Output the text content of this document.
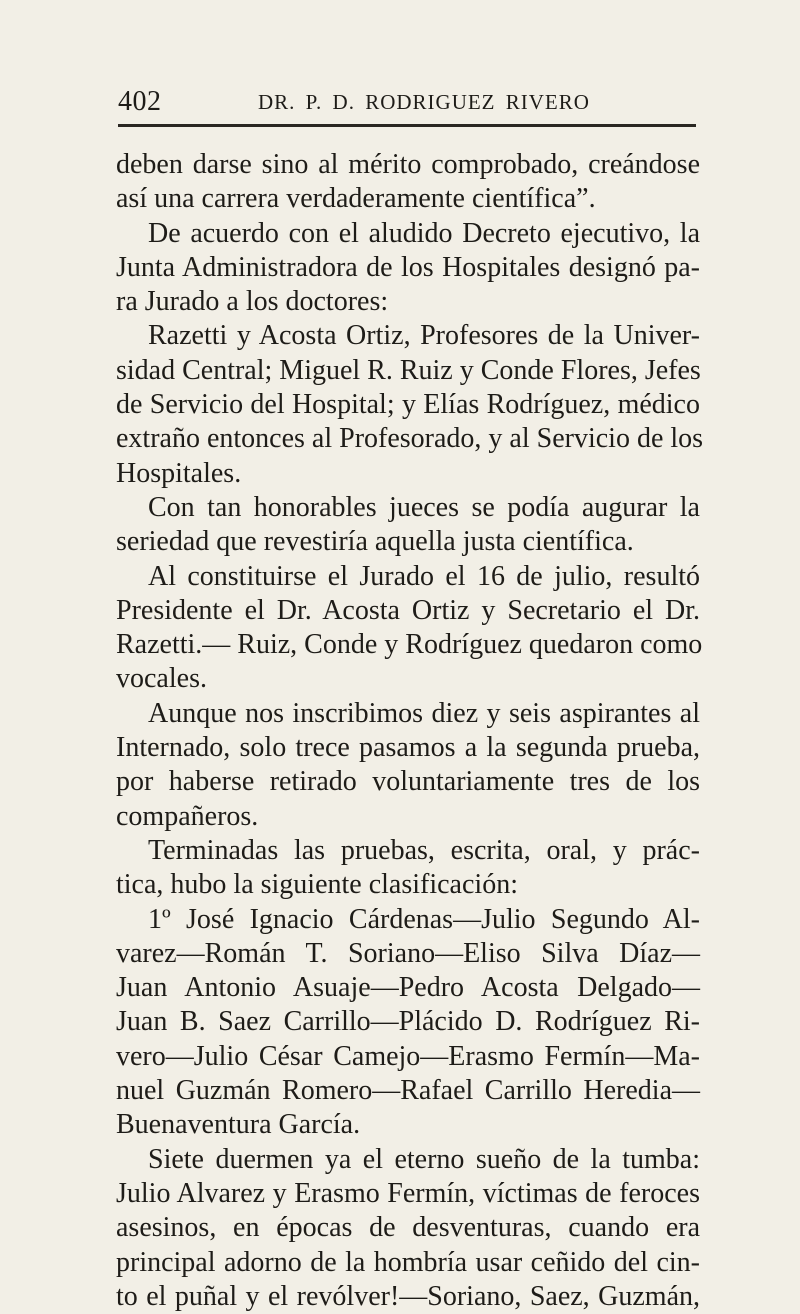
402	DR. P. D. RODRIGUEZ RIVERO
deben darse sino al mérito comprobado, creándose
así una carrera verdaderamente científica”.
De acuerdo con el aludido Decreto ejecutivo, la
Junta Administradora de los Hospitales designó pa-
ra Jurado a los doctores:
Razetti y Acosta Ortiz, Profesores de la Univer-
sidad Central; Miguel R. Ruiz y Conde Flores, Jefes
de Servicio del Hospital; y Elías Rodríguez, médico
extraño entonces al Profesorado, y al Servicio de los
Hospitales.
Con tan honorables jueces se podía augurar la
seriedad que revestiría aquella justa científica.
Al constituirse el Jurado el 16 de julio, resultó
Presidente el Dr. Acosta Ortiz y Secretario el Dr.
Razetti.— Ruiz, Conde y Rodríguez quedaron como
vocales.
Aunque nos inscribimos diez y seis aspirantes al
Internado, solo trece pasamos a la segunda prueba,
por haberse retirado voluntariamente tres de los
compañeros.
Terminadas las pruebas, escrita, oral, y prác-
tica, hubo la siguiente clasificación:
1º José Ignacio Cárdenas—Julio Segundo Al-
varez—Román T. Soriano—Eliso Silva Díaz—
Juan Antonio Asuaje—Pedro Acosta Delgado—
Juan B. Saez Carrillo—Plácido D. Rodríguez Ri-
vero—Julio César Camejo—Erasmo Fermín—Ma-
nuel Guzmán Romero—Rafael Carrillo Heredia—
Buenaventura García.
Siete duermen ya el eterno sueño de la tumba:
Julio Alvarez y Erasmo Fermín, víctimas de feroces
asesinos, en épocas de desventuras, cuando era
principal adorno de la hombría usar ceñido del cin-
to el puñal y el revólver!—Soriano, Saez, Guzmán,
